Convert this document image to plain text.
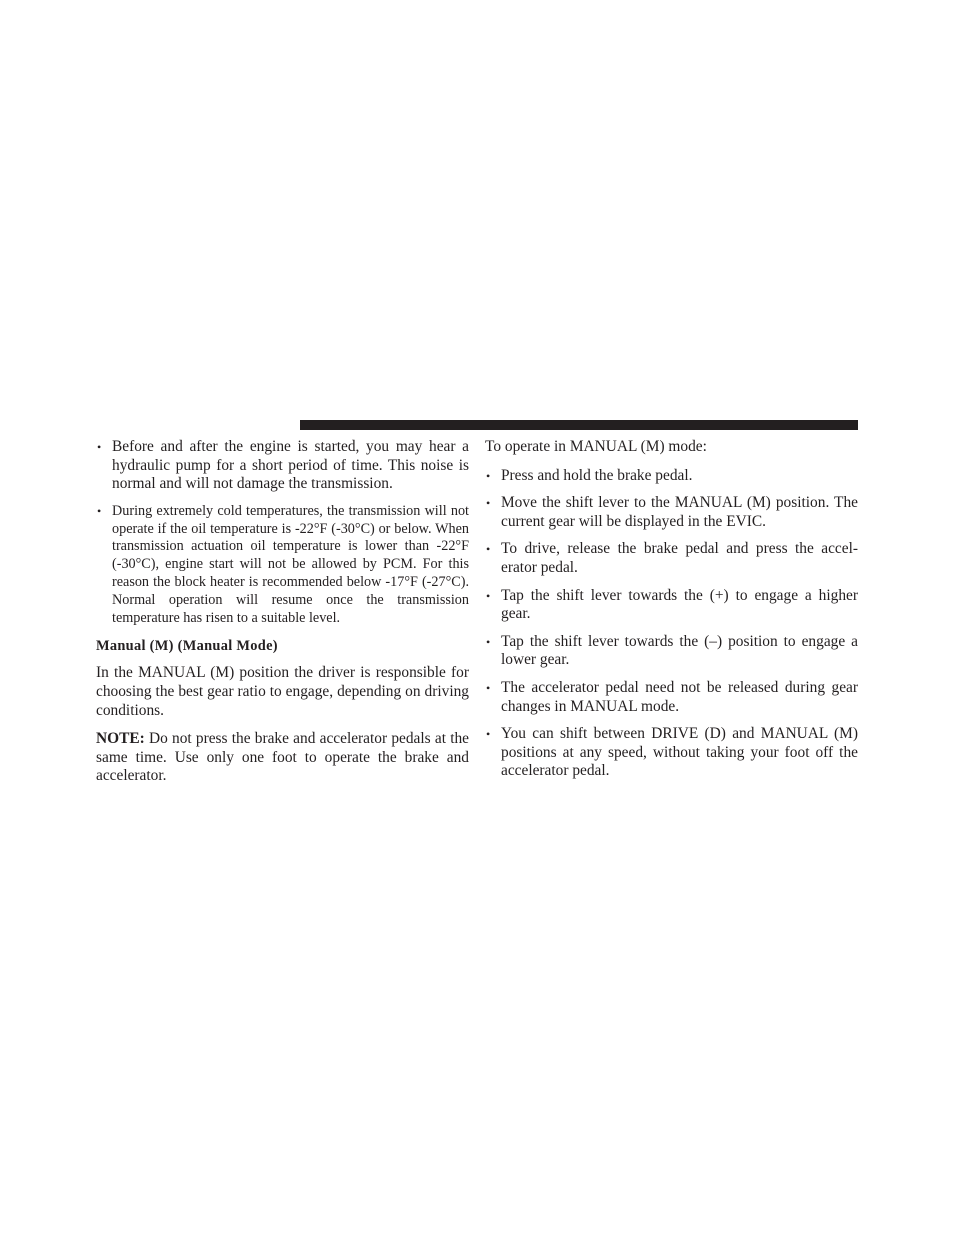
• Before and after the engine is started, you may hear a hydraulic pump for a short period of time. This noise is normal and will not damage the transmission.
• During extremely cold temperatures, the transmission will not operate if the oil temperature is -22°F (-30°C) or below. When transmission actuation oil temperature is lower than -22°F (-30°C), engine start will not be allowed by PCM. For this reason the block heater is recommended below -17°F (-27°C). Normal operation will resume once the transmission temperature has risen to a suitable level.
Manual (M) (Manual Mode)

In the MANUAL (M) position the driver is responsible for choosing the best gear ratio to engage, depending on driving conditions.

NOTE: Do not press the brake and accelerator pedals at the same time. Use only one foot to operate the brake and accelerator.

To operate in MANUAL (M) mode:

• Press and hold the brake pedal.
• Move the shift lever to the MANUAL (M) position. The current gear will be displayed in the EVIC.
• To drive, release the brake pedal and press the accel-erator pedal.
• Tap the shift lever towards the (+) to engage a higher gear.
• Tap the shift lever towards the (–) position to engage a lower gear.
• The accelerator pedal need not be released during gear changes in MANUAL mode.
• You can shift between DRIVE (D) and MANUAL (M) positions at any speed, without taking your foot off the accelerator pedal.
